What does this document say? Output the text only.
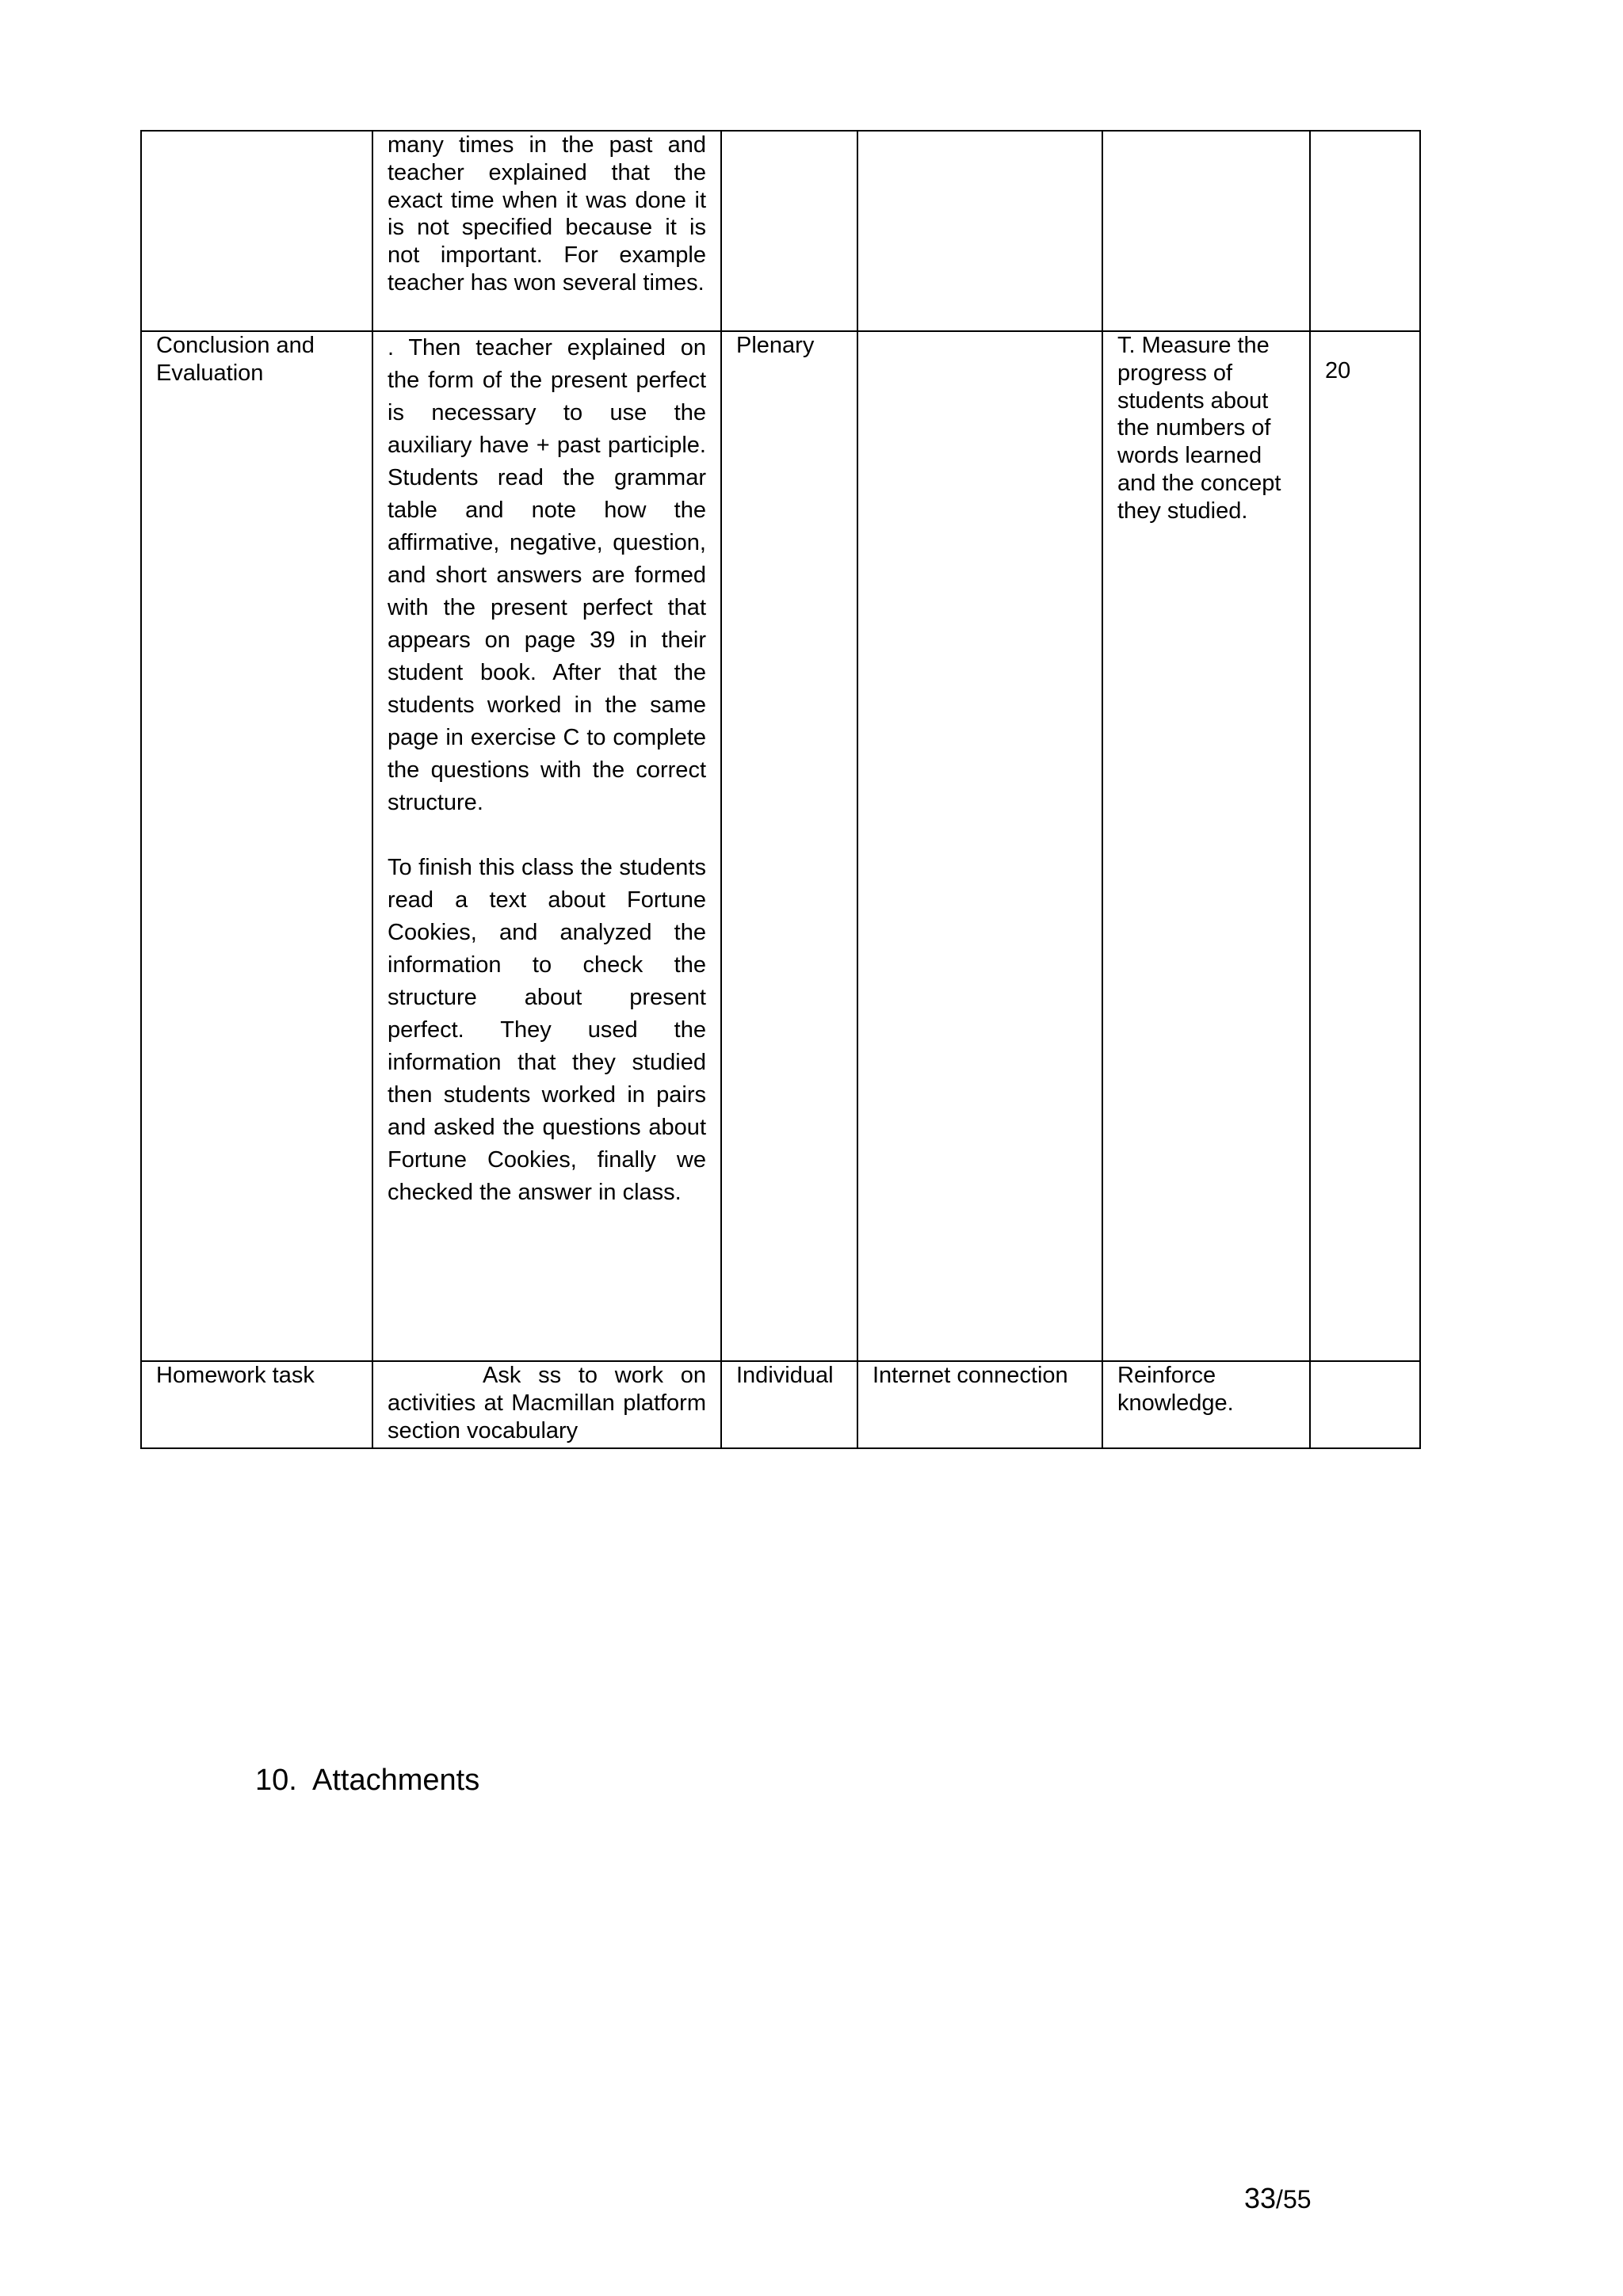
	many times in the past and teacher explained that the exact time when it was done it is not specified because it is not important. For example teacher has won several times.				

Conclusion and Evaluation	. Then teacher explained on the form of the present perfect is necessary to use the auxiliary have + past participle. Students read the grammar table and note how the affirmative, negative, question, and short answers are formed with the present perfect that appears on page 39 in their student book. After that the students worked in the same page in exercise C to complete the questions with the correct structure.
To finish this class the students read a text about Fortune Cookies, and analyzed the information to check the structure about present perfect. They used the information that they studied then students worked in pairs and asked the questions about Fortune Cookies, finally we checked the answer in class.	Plenary		T. Measure the progress of students about the numbers of words learned and the concept they studied.	20
Homework task	Ask ss to work on activities at Macmillan platform section vocabulary	Individual	Internet connection	Reinforce knowledge.	
10. Attachments
33/55
